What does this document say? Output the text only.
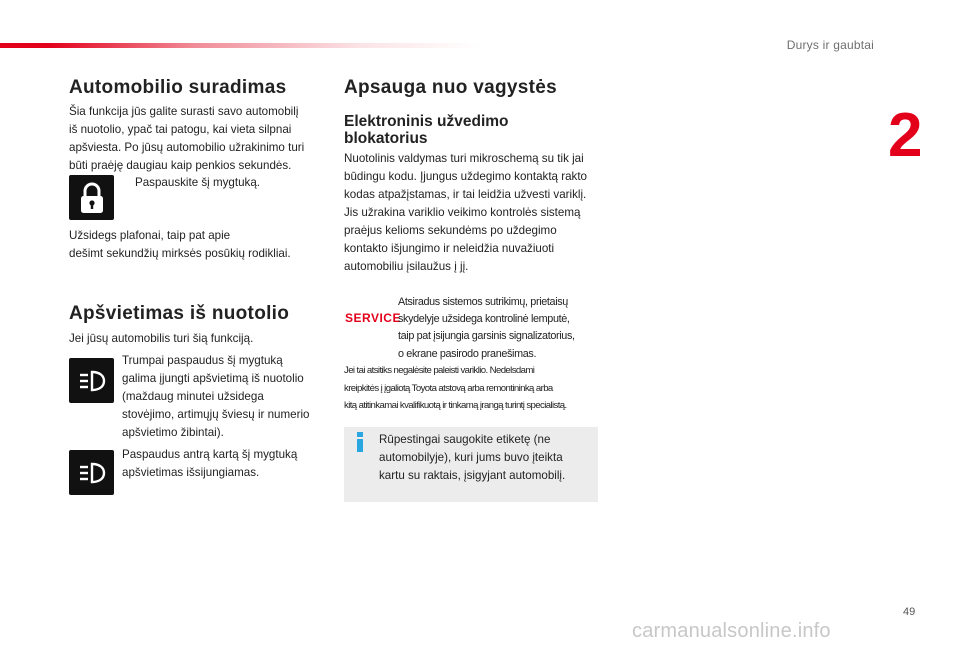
Durys ir gaubtai
2
Automobilio suradimas
Šia funkcija jūs galite surasti savo automobilį
iš nuotolio, ypač tai patogu, kai vieta silpnai
apšviesta. Po jūsų automobilio užrakinimo turi
būti praėję daugiau kaip penkios sekundės.
Paspauskite šį mygtuką.
Užsidegs plafonai, taip pat apie
dešimt sekundžių mirksės posūkių rodikliai.
Apšvietimas iš nuotolio
Jei jūsų automobilis turi šią funkciją.
Trumpai paspaudus šį mygtuką
galima įjungti apšvietimą iš nuotolio
(maždaug minutei užsidega
stovėjimo, artimųjų šviesų ir numerio
apšvietimo žibintai).
Paspaudus antrą kartą šį mygtuką
apšvietimas išsijungiamas.
Apsauga nuo vagystės
Elektroninis užvedimo
blokatorius
Nuotolinis valdymas turi mikroschemą su tik jai
būdingu kodu. Įjungus uždegimo kontaktą rakto
kodas atpažįstamas, ir tai leidžia užvesti variklį.
Jis užrakina variklio veikimo kontrolės sistemą
praėjus kelioms sekundėms po uždegimo
kontakto išjungimo ir neleidžia nuvažiuoti
automobiliu įsilaužus į jį.
SERVICE
Atsiradus sistemos sutrikimų, prietaisų
skydelyje užsidega kontrolinė lemputė,
taip pat įsijungia garsinis signalizatorius,
o ekrane pasirodo pranešimas.
Jei tai atsitiks negalėsite paleisti variklio. Nedelsdami
kreipkitės į įgaliotą Toyota atstovą arba remontininką arba
kitą atitinkamai kvalifikuotą ir tinkamą įrangą turintį specialistą.
Rūpestingai saugokite etiketę (ne
automobilyje), kuri jums buvo įteikta
kartu su raktais, įsigyjant automobilį.
49
carmanualsonline.info
